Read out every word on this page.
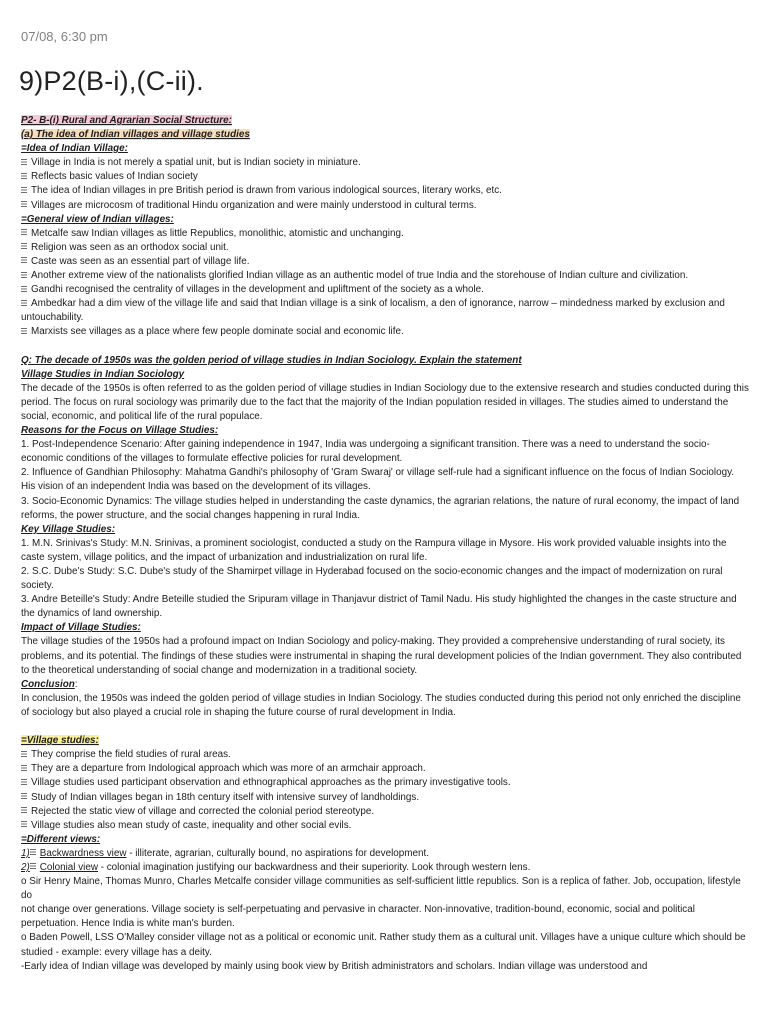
07/08, 6:30 pm
9)P2(B-i),(C-ii).

P2- B-(i) Rural and Agrarian Social Structure:

(a) The idea of Indian villages and village studies

=Idea of Indian Village:

Village in India is not merely a spatial unit, but is Indian society in miniature.

Reflects basic values of Indian society

The idea of Indian villages in pre British period is drawn from various indological sources, literary works, etc.

Villages are microcosm of traditional Hindu organization and were mainly understood in cultural terms.

=General view of Indian villages:

Metcalfe saw Indian villages as little Republics, monolithic, atomistic and unchanging.

Religion was seen as an orthodox social unit.

Caste was seen as an essential part of village life.

Another extreme view of the nationalists glorified Indian village as an authentic model of true India and the storehouse of Indian culture and civilization.

Gandhi recognised the centrality of villages in the development and upliftment of the society as a whole.

Ambedkar had a dim view of the village life and said that Indian village is a sink of localism, a den of ignorance, narrow – mindedness marked by exclusion and untouchability.

Marxists see villages as a place where few people dominate social and economic life.

Q: The decade of 1950s was the golden period of village studies in Indian Sociology. Explain the statement

Village Studies in Indian Sociology

The decade of the 1950s is often referred to as the golden period of village studies in Indian Sociology due to the extensive research and studies conducted during this period. The focus on rural sociology was primarily due to the fact that the majority of the Indian population resided in villages. The studies aimed to understand the social, economic, and political life of the rural populace.

Reasons for the Focus on Village Studies:

1. Post-Independence Scenario: After gaining independence in 1947, India was undergoing a significant transition. There was a need to understand the socio-economic conditions of the villages to formulate effective policies for rural development.

2. Influence of Gandhian Philosophy: Mahatma Gandhi's philosophy of 'Gram Swaraj' or village self-rule had a significant influence on the focus of Indian Sociology. His vision of an independent India was based on the development of its villages.

3. Socio-Economic Dynamics: The village studies helped in understanding the caste dynamics, the agrarian relations, the nature of rural economy, the impact of land reforms, the power structure, and the social changes happening in rural India.

Key Village Studies:

1. M.N. Srinivas's Study: M.N. Srinivas, a prominent sociologist, conducted a study on the Rampura village in Mysore. His work provided valuable insights into the caste system, village politics, and the impact of urbanization and industrialization on rural life.

2. S.C. Dube's Study: S.C. Dube's study of the Shamirpet village in Hyderabad focused on the socio-economic changes and the impact of modernization on rural society.

3. Andre Beteille's Study: Andre Beteille studied the Sripuram village in Thanjavur district of Tamil Nadu. His study highlighted the changes in the caste structure and the dynamics of land ownership.

Impact of Village Studies:

The village studies of the 1950s had a profound impact on Indian Sociology and policy-making. They provided a comprehensive understanding of rural society, its problems, and its potential. The findings of these studies were instrumental in shaping the rural development policies of the Indian government. They also contributed to the theoretical understanding of social change and modernization in a traditional society.

Conclusion:

In conclusion, the 1950s was indeed the golden period of village studies in Indian Sociology. The studies conducted during this period not only enriched the discipline of sociology but also played a crucial role in shaping the future course of rural development in India.

=Village studies:

They comprise the field studies of rural areas.

They are a departure from Indological approach which was more of an armchair approach.

Village studies used participant observation and ethnographical approaches as the primary investigative tools.

Study of Indian villages began in 18th century itself with intensive survey of landholdings.

Rejected the static view of village and corrected the colonial period stereotype.

Village studies also mean study of caste, inequality and other social evils.

=Different views:

1) Backwardness view - illiterate, agrarian, culturally bound, no aspirations for development.

2) Colonial view - colonial imagination justifying our backwardness and their superiority. Look through western lens.

o Sir Henry Maine, Thomas Munro, Charles Metcalfe consider village communities as self-sufficient little republics. Son is a replica of father. Job, occupation, lifestyle do

not change over generations. Village society is self-perpetuating and pervasive in character. Non-innovative, tradition-bound, economic, social and political perpetuation. Hence India is white man's burden.

o Baden Powell, LSS O'Malley consider village not as a political or economic unit. Rather study them as a cultural unit. Villages have a unique culture which should be studied - example: every village has a deity.

-Early idea of Indian village was developed by mainly using book view by British administrators and scholars. Indian village was understood and
